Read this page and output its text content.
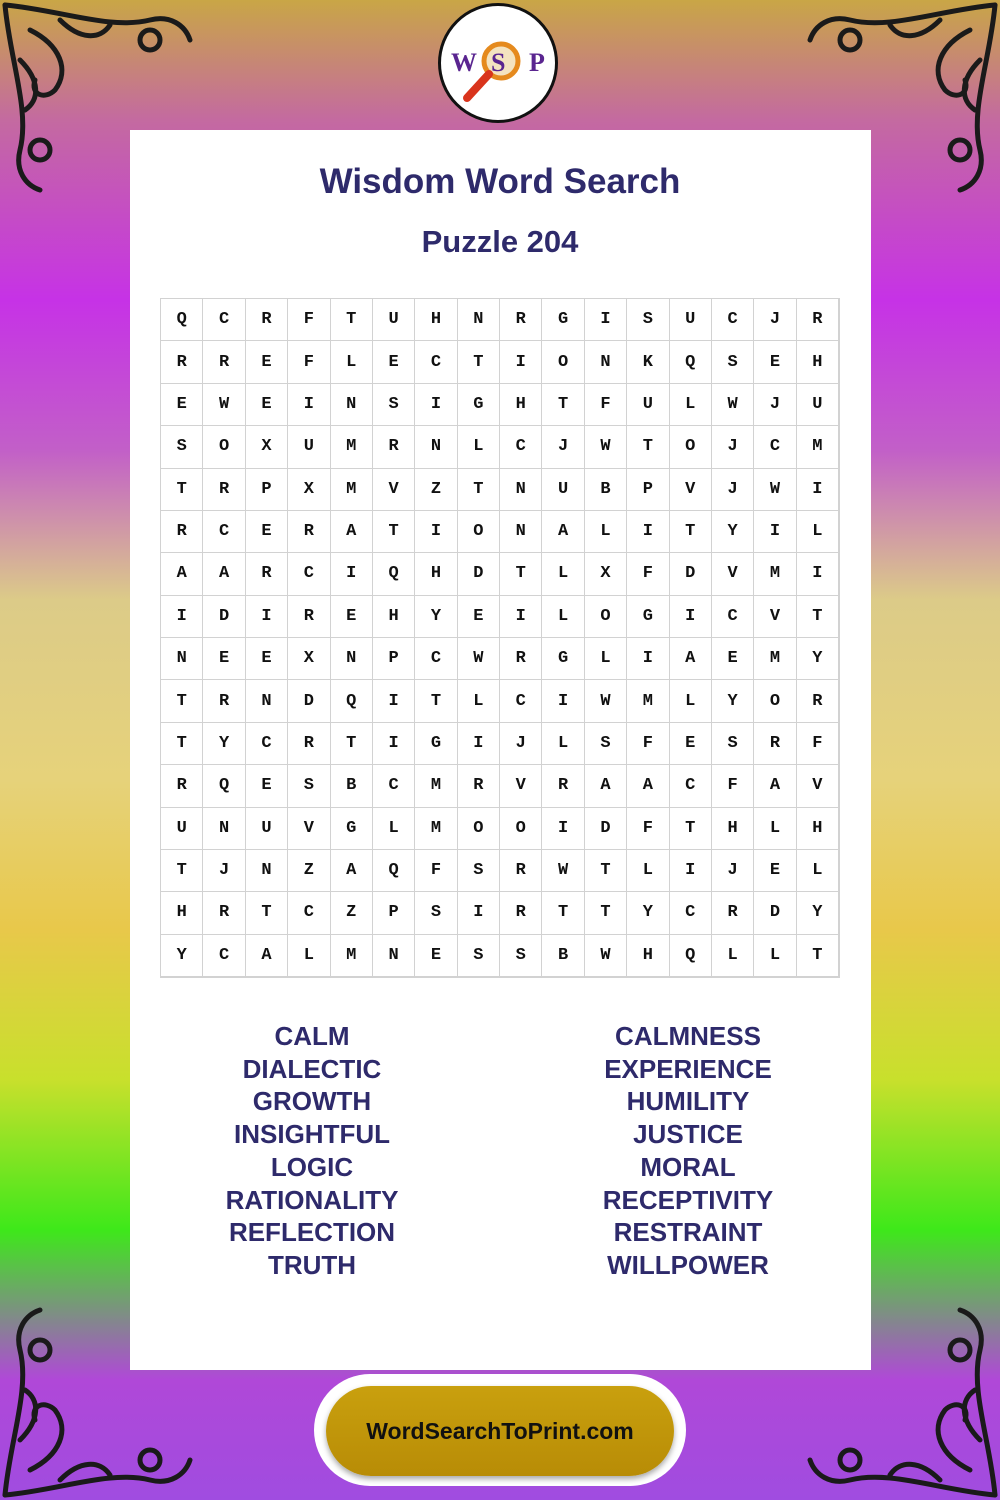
W S P
Wisdom Word Search
Puzzle 204
Q	C	R	F	T	U	H	N	R	G	I	S	U	C	J	R
R	R	E	F	L	E	C	T	I	O	N	K	Q	S	E	H
E	W	E	I	N	S	I	G	H	T	F	U	L	W	J	U
S	O	X	U	M	R	N	L	C	J	W	T	O	J	C	M
T	R	P	X	M	V	Z	T	N	U	B	P	V	J	W	I
R	C	E	R	A	T	I	O	N	A	L	I	T	Y	I	L
A	A	R	C	I	Q	H	D	T	L	X	F	D	V	M	I
I	D	I	R	E	H	Y	E	I	L	O	G	I	C	V	T
N	E	E	X	N	P	C	W	R	G	L	I	A	E	M	Y
T	R	N	D	Q	I	T	L	C	I	W	M	L	Y	O	R
T	Y	C	R	T	I	G	I	J	L	S	F	E	S	R	F
R	Q	E	S	B	C	M	R	V	R	A	A	C	F	A	V
U	N	U	V	G	L	M	O	O	I	D	F	T	H	L	H
T	J	N	Z	A	Q	F	S	R	W	T	L	I	J	E	L
H	R	T	C	Z	P	S	I	R	T	T	Y	C	R	D	Y
Y	C	A	L	M	N	E	S	S	B	W	H	Q	L	L	T
CALM
DIALECTIC
GROWTH
INSIGHTFUL
LOGIC
RATIONALITY
REFLECTION
TRUTH
CALMNESS
EXPERIENCE
HUMILITY
JUSTICE
MORAL
RECEPTIVITY
RESTRAINT
WILLPOWER
WordSearchToPrint.com
